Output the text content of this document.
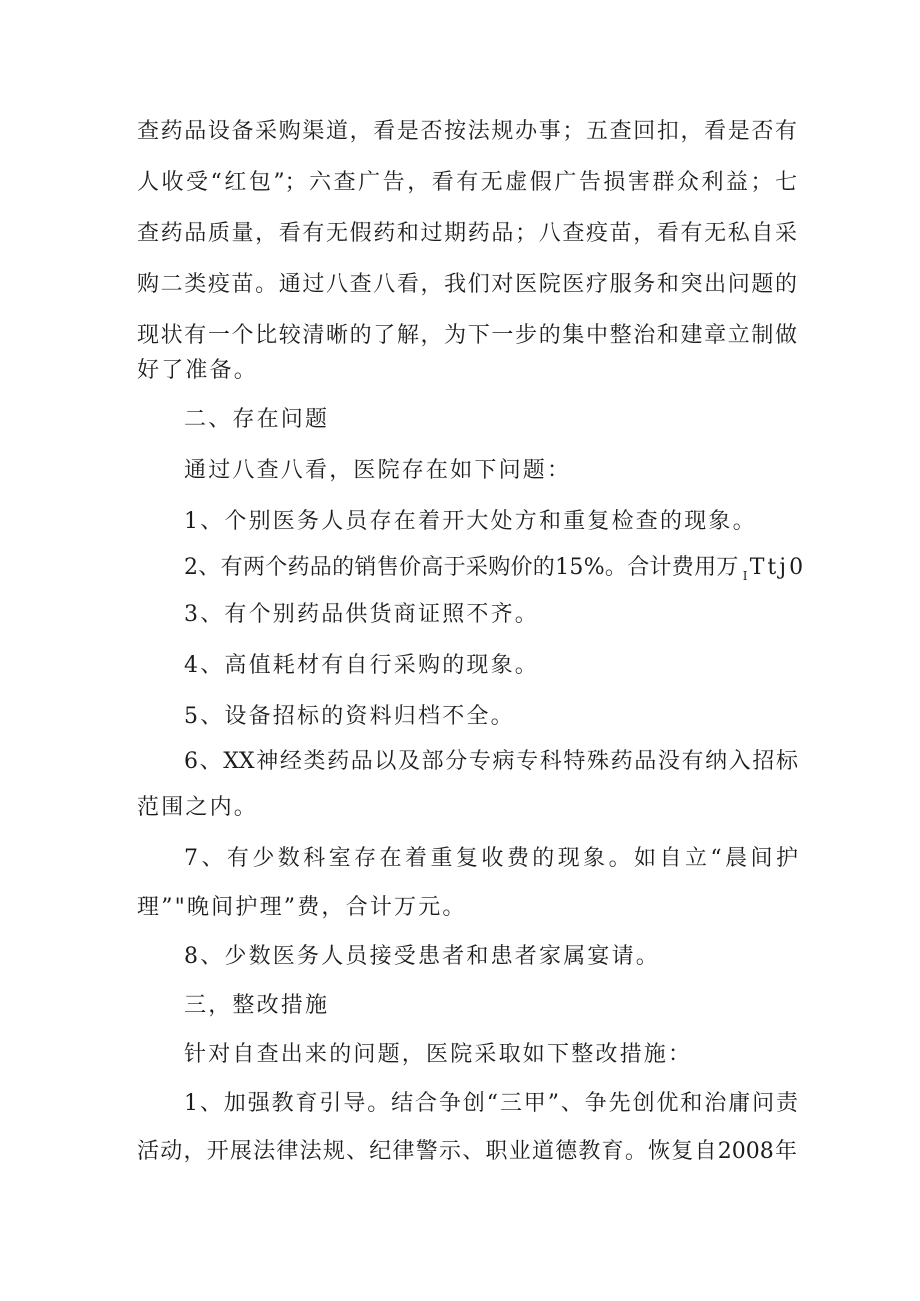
查药品设备采购渠道，看是否按法规办事；五查回扣，看是否有
人收受“红包”；六查广告，看有无虚假广告损害群众利益；七
查药品质量，看有无假药和过期药品；八查疫苗，看有无私自采
购二类疫苗。通过八查八看，我们对医院医疗服务和突出问题的
现状有一个比较清晰的了解，为下一步的集中整治和建章立制做
好了准备。
二、存在问题
通过八查八看，医院存在如下问题：
1、个别医务人员存在着开大处方和重复检查的现象。
2、有两个药品的销售价高于采购价的15%。合计费用万 $_I$Ttj0
3、有个别药品供货商证照不齐。
4、高值耗材有自行采购的现象。
5、设备招标的资料归档不全。
6、XX神经类药品以及部分专病专科特殊药品没有纳入招标
范围之内。
7、有少数科室存在着重复收费的现象。如自立“晨间护
理”"晚间护理”费，合计万元。
8、少数医务人员接受患者和患者家属宴请。
三，整改措施
针对自查出来的问题，医院采取如下整改措施：
1、加强教育引导。结合争创“三甲”、争先创优和治庸问责
活动，开展法律法规、纪律警示、职业道德教育。恢复自2008年
